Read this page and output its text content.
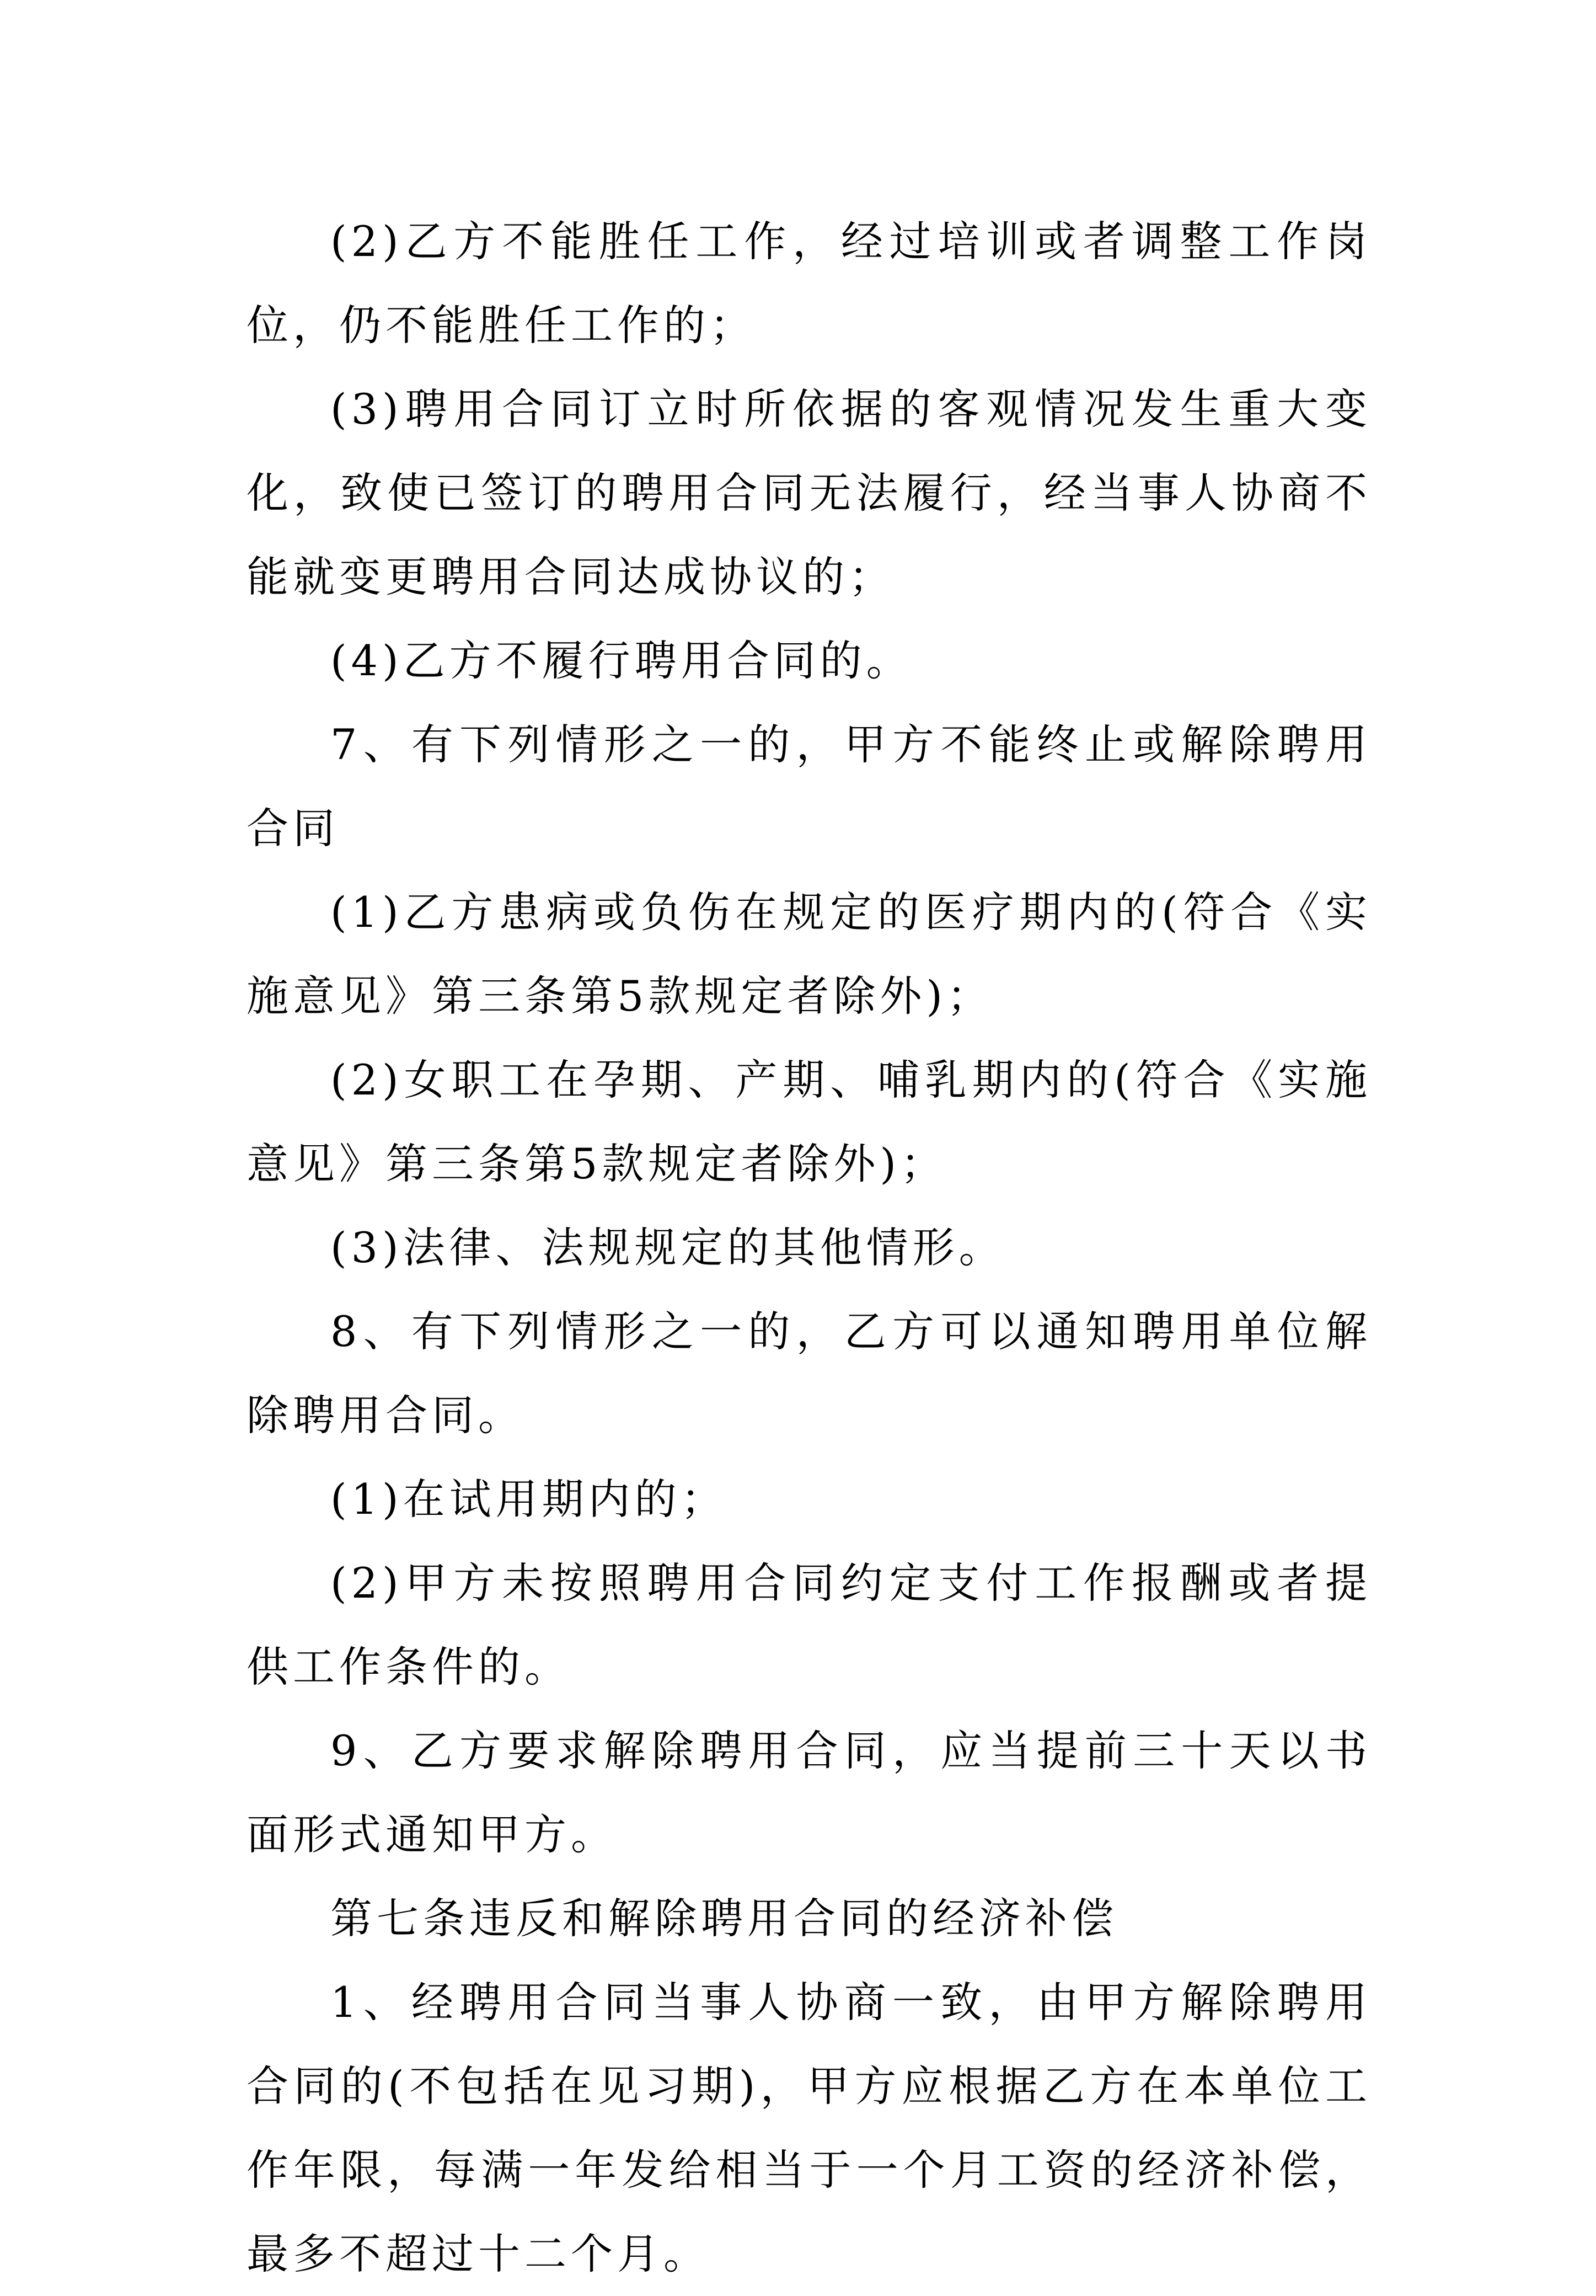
(2)乙方不能胜任工作，经过培训或者调整工作岗位，仍不能胜任工作的；

(3)聘用合同订立时所依据的客观情况发生重大变化，致使已签订的聘用合同无法履行，经当事人协商不能就变更聘用合同达成协议的；

(4)乙方不履行聘用合同的。

7、有下列情形之一的，甲方不能终止或解除聘用合同

(1)乙方患病或负伤在规定的医疗期内的(符合《实施意见》第三条第5款规定者除外)；

(2)女职工在孕期、产期、哺乳期内的(符合《实施意见》第三条第5款规定者除外)；

(3)法律、法规规定的其他情形。

8、有下列情形之一的，乙方可以通知聘用单位解除聘用合同。

(1)在试用期内的；

(2)甲方未按照聘用合同约定支付工作报酬或者提供工作条件的。

9、乙方要求解除聘用合同，应当提前三十天以书面形式通知甲方。

第七条违反和解除聘用合同的经济补偿

1、经聘用合同当事人协商一致，由甲方解除聘用合同的(不包括在见习期)，甲方应根据乙方在本单位工作年限，每满一年发给相当于一个月工资的经济补偿，最多不超过十二个月。
